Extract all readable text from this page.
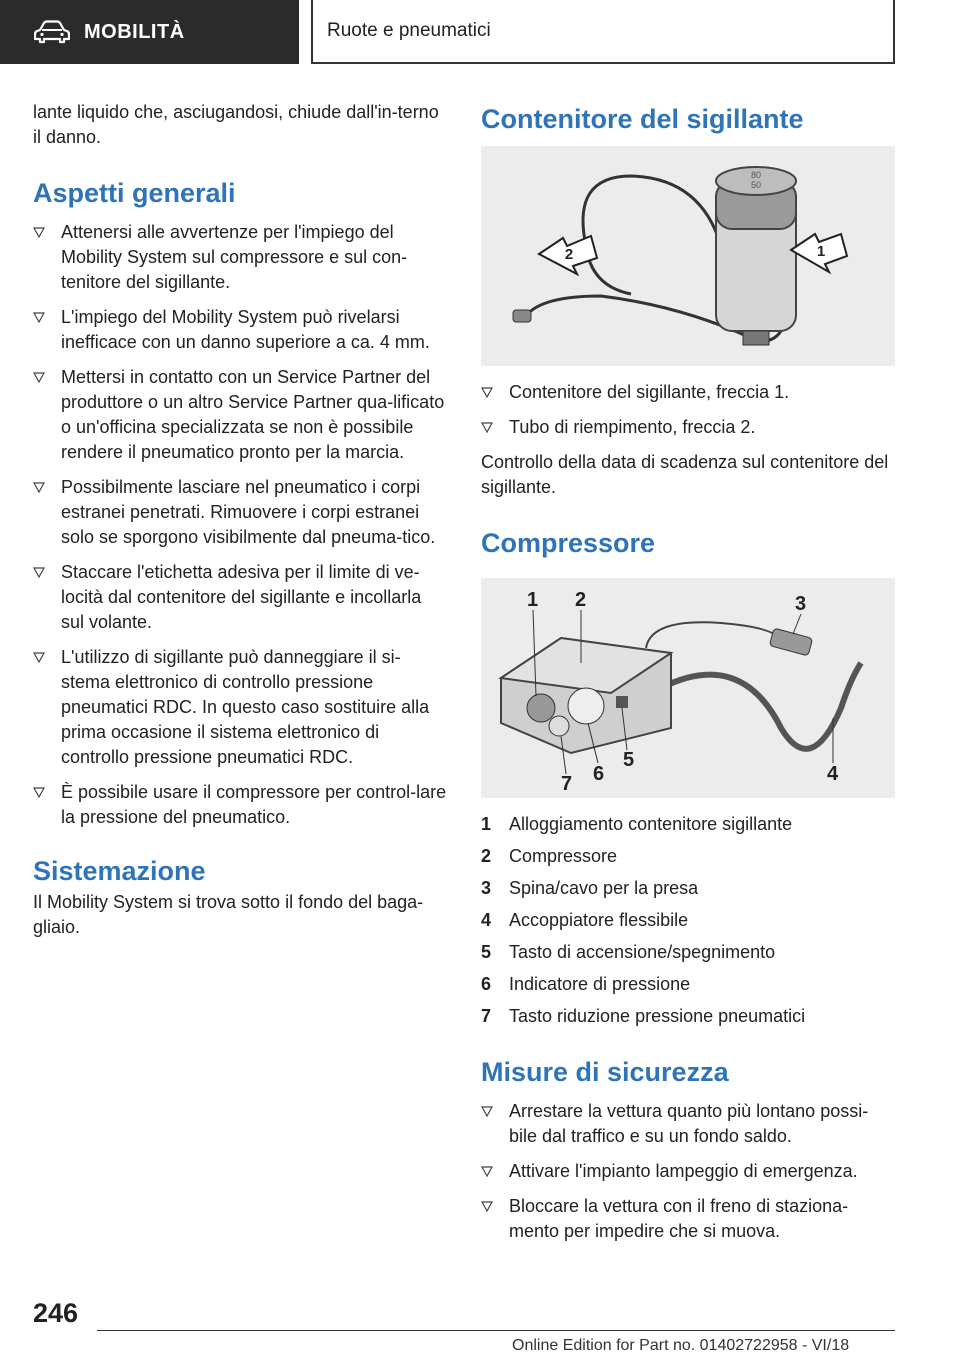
MOBILITÀ	Ruote e pneumatici

lante liquido che, asciugandosi, chiude dall'in-terno il danno.

Aspetti generali
Attenersi alle avvertenze per l'impiego del Mobility System sul compressore e sul con-tenitore del sigillante.
L'impiego del Mobility System può rivelarsi inefficace con un danno superiore a ca. 4 mm.
Mettersi in contatto con un Service Partner del produttore o un altro Service Partner qua-lificato o un'officina specializzata se non è possibile rendere il pneumatico pronto per la marcia.
Possibilmente lasciare nel pneumatico i corpi estranei penetrati. Rimuovere i corpi estranei solo se sporgono visibilmente dal pneuma-tico.
Staccare l'etichetta adesiva per il limite di ve-locità dal contenitore del sigillante e incollarla sul volante.
L'utilizzo di sigillante può danneggiare il si-stema elettronico di controllo pressione pneumatici RDC. In questo caso sostituire alla prima occasione il sistema elettronico di controllo pressione pneumatici RDC.
È possibile usare il compressore per control-lare la pressione del pneumatico.
Sistemazione

Il Mobility System si trova sotto il fondo del baga-gliaio.

Contenitore del sigillante
80
50
2	1
Contenitore del sigillante, freccia 1.
Tubo di riempimento, freccia 2.

Controllo della data di scadenza sul contenitore del sigillante.

Compressore
1 2	3
4
5
6
7
1 Alloggiamento contenitore sigillante
2 Compressore
3 Spina/cavo per la presa
4 Accoppiatore flessibile
5 Tasto di accensione/spegnimento
6 Indicatore di pressione
7 Tasto riduzione pressione pneumatici
Misure di sicurezza
Arrestare la vettura quanto più lontano possi-bile dal traffico e su un fondo saldo.
Attivare l'impianto lampeggio di emergenza.
Bloccare la vettura con il freno di staziona-mento per impedire che si muova.
246
Online Edition for Part no. 01402722958 - VI/18
